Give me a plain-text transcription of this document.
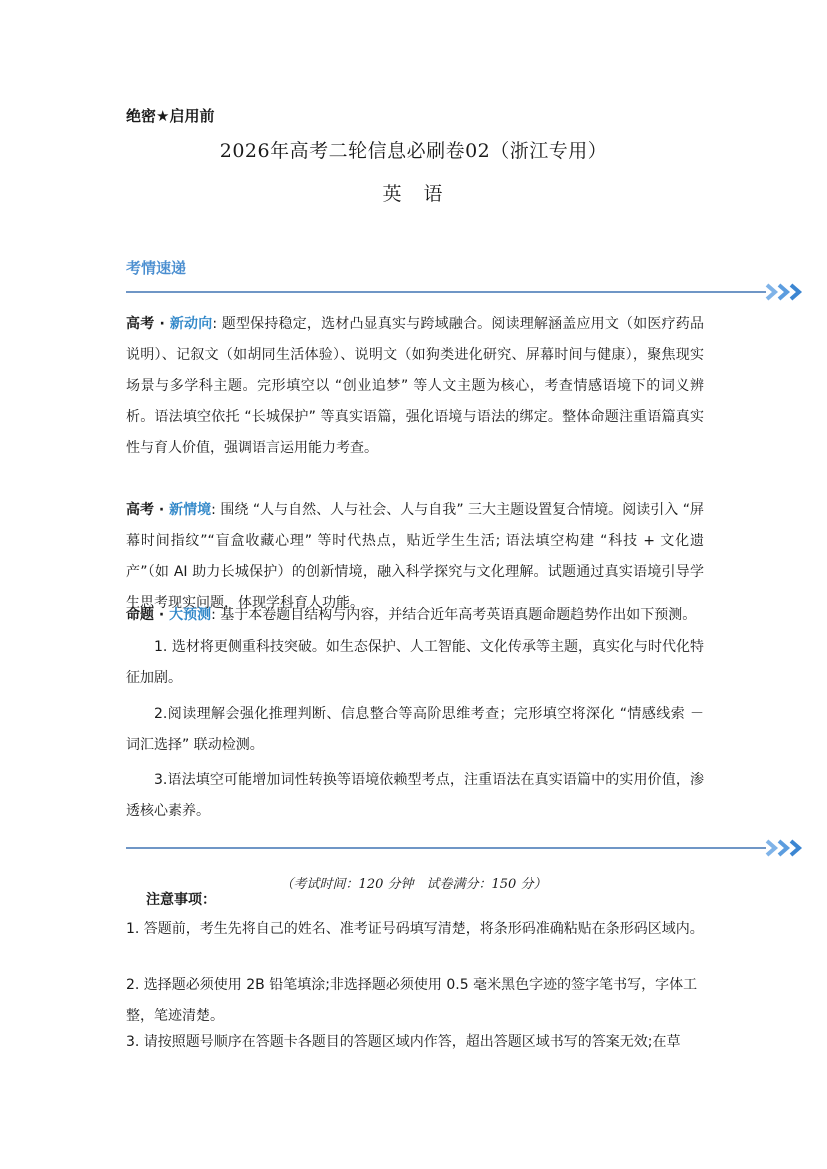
绝密★启用前
2026年高考二轮信息必刷卷02（浙江专用）
英语
考情速递
高考 · 新动向: 题型保持稳定，选材凸显真实与跨域融合。阅读理解涵盖应用文（如医疗药品说明）、记叙文（如胡同生活体验）、说明文（如狗类进化研究、屏幕时间与健康），聚焦现实场景与多学科主题。完形填空以 “创业追梦” 等人文主题为核心，考查情感语境下的词义辨析。语法填空依托 “长城保护” 等真实语篇，强化语境与语法的绑定。整体命题注重语篇真实性与育人价值，强调语言运用能力考查。
高考 · 新情境: 围绕 “人与自然、人与社会、人与自我” 三大主题设置复合情境。阅读引入 “屏幕时间指纹”“盲盒收藏心理” 等时代热点，贴近学生生活; 语法填空构建 “科技 + 文化遗产”（如 AI 助力长城保护）的创新情境，融入科学探究与文化理解。试题通过真实语境引导学生思考现实问题，体现学科育人功能。
命题 · 大预测: 基于本卷题目结构与内容，并结合近年高考英语真题命题趋势作出如下预测。
1. 选材将更侧重科技突破。如生态保护、人工智能、文化传承等主题，真实化与时代化特征加剧。
2.阅读理解会强化推理判断、信息整合等高阶思维考查；完形填空将深化 “情感线索 － 词汇选择” 联动检测。
3.语法填空可能增加词性转换等语境依赖型考点，注重语法在真实语篇中的实用价值，渗透核心素养。
（考试时间：120 分钟　试卷满分：150 分）
注意事项：
1. 答题前，考生先将自己的姓名、准考证号码填写清楚，将条形码准确粘贴在条形码区域内。
2. 选择题必须使用 2B 铅笔填涂;非选择题必须使用 0.5 毫米黑色字迹的签字笔书写，字体工整，笔迹清楚。
3. 请按照题号顺序在答题卡各题目的答题区域内作答，超出答题区域书写的答案无效;在草
